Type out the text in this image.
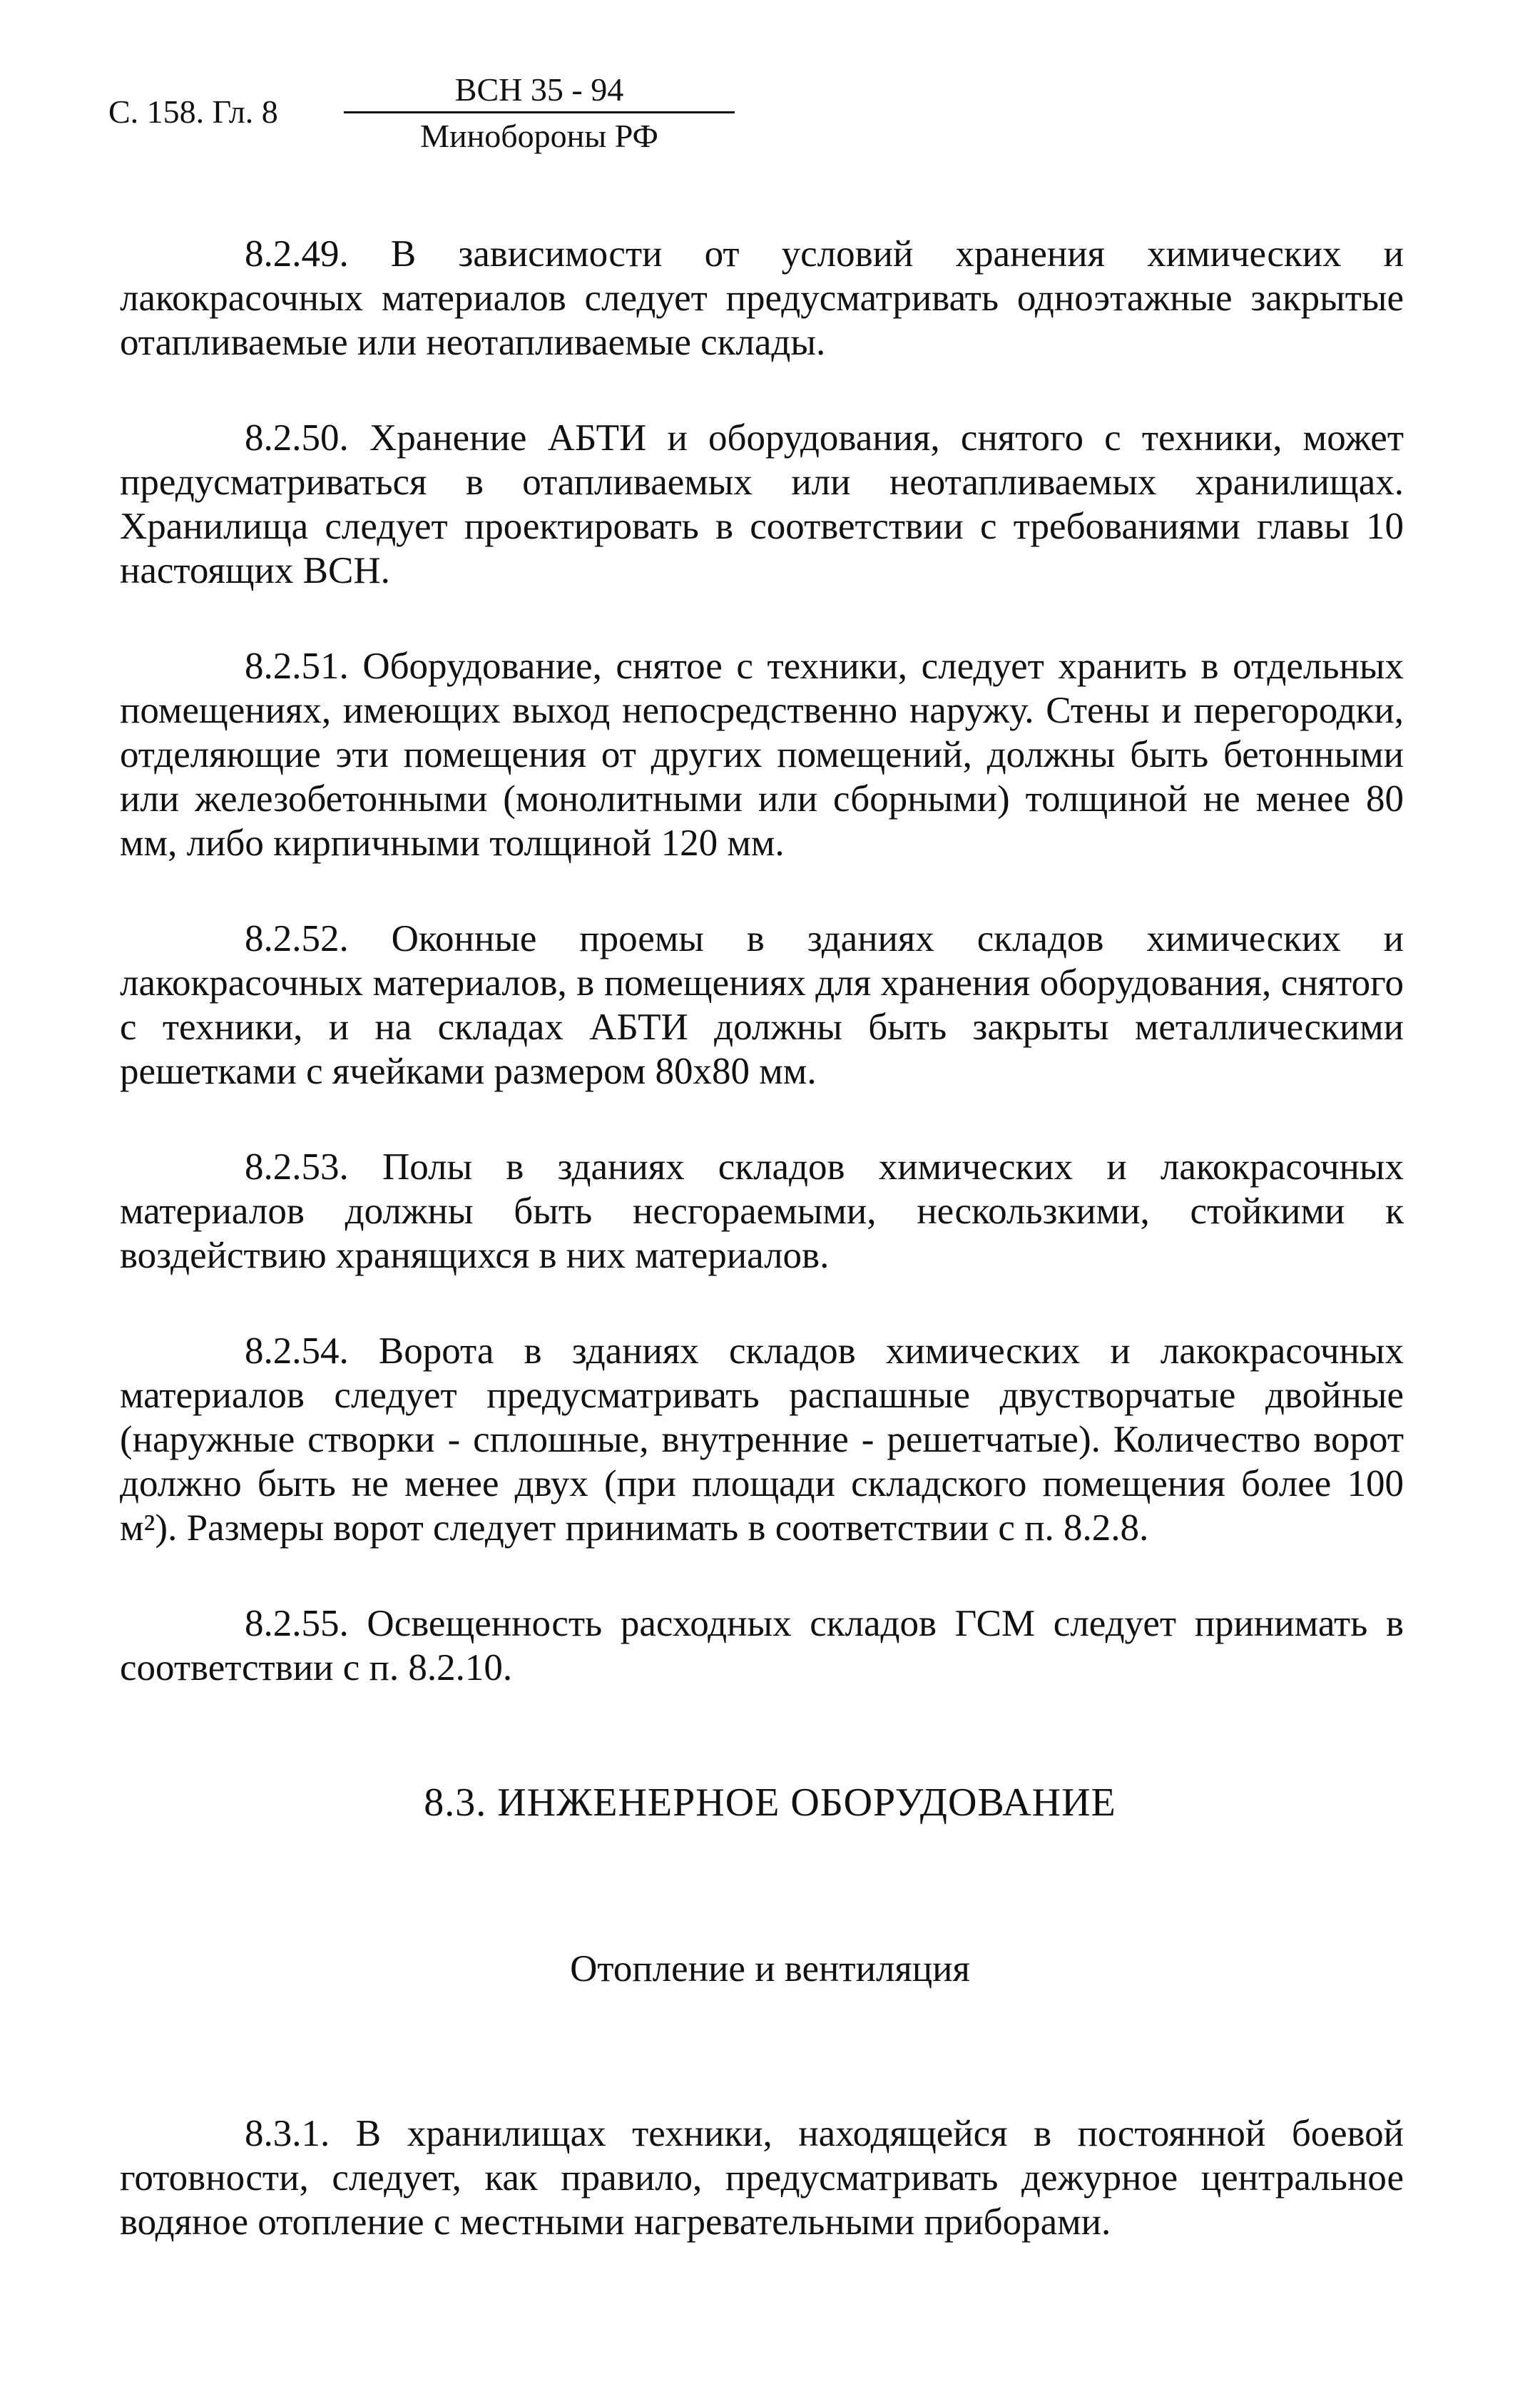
С. 158. Гл. 8
ВСН 35 - 94
Минобороны РФ

8.2.49. В зависимости от условий хранения химических и лакокрасочных материалов следует предусматривать одноэтажные закрытые отапливаемые или неотапливаемые склады.

8.2.50. Хранение АБТИ и оборудования, снятого с техники, может предусматриваться в отапливаемых или неотапливаемых хранилищах. Хранилища следует проектировать в соответствии с требованиями главы 10 настоящих ВСН.

8.2.51. Оборудование, снятое с техники, следует хранить в отдельных помещениях, имеющих выход непосредственно наружу. Стены и перегородки, отделяющие эти помещения от других помещений, должны быть бетонными или железобетонными (монолитными или сборными) толщиной не менее 80 мм, либо кирпичными толщиной 120 мм.

8.2.52. Оконные проемы в зданиях складов химических и лакокрасочных материалов, в помещениях для хранения оборудования, снятого с техники, и на складах АБТИ должны быть закрыты металлическими решетками с ячейками размером 80х80 мм.

8.2.53. Полы в зданиях складов химических и лакокрасочных материалов должны быть несгораемыми, нескользкими, стойкими к воздействию хранящихся в них материалов.

8.2.54. Ворота в зданиях складов химических и лакокрасочных материалов следует предусматривать распашные двустворчатые двойные (наружные створки - сплошные, внутренние - решетчатые). Количество ворот должно быть не менее двух (при площади складского помещения более 100 м²). Размеры ворот следует принимать в соответствии с п. 8.2.8.

8.2.55. Освещенность расходных складов ГСМ следует принимать в соответствии с п. 8.2.10.

8.3. ИНЖЕНЕРНОЕ ОБОРУДОВАНИЕ
Отопление и вентиляция

8.3.1. В хранилищах техники, находящейся в постоянной боевой готовности, следует, как правило, предусматривать дежурное центральное водяное отопление с местными нагревательными приборами.
